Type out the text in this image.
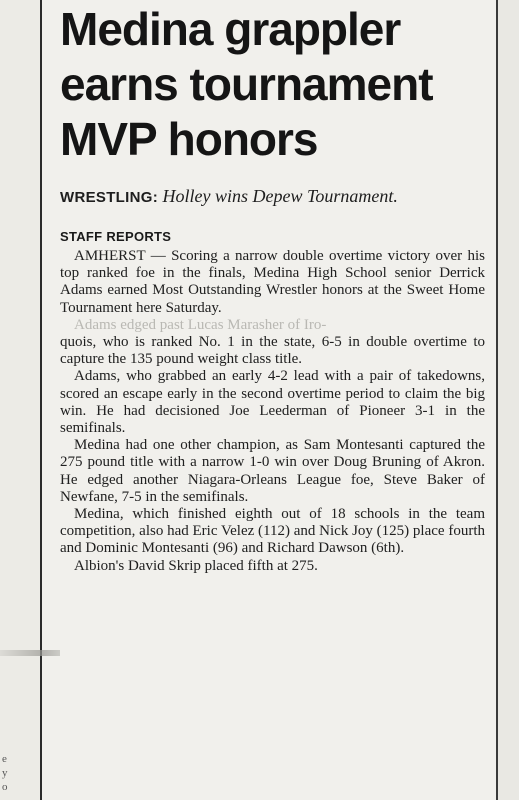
e
y
o
Medina grappler earns tournament MVP honors
WRESTLING: Holley wins Depew Tournament.
STAFF REPORTS

AMHERST — Scoring a narrow double overtime victory over his top ranked foe in the finals, Medina High School senior Derrick Adams earned Most Outstanding Wrestler honors at the Sweet Home Tournament here Saturday.

Adams edged past Lucas Marasher of Iro-

quois, who is ranked No. 1 in the state, 6-5 in double overtime to capture the 135 pound weight class title.

Adams, who grabbed an early 4-2 lead with a pair of takedowns, scored an escape early in the second overtime period to claim the big win. He had decisioned Joe Leederman of Pioneer 3-1 in the semifinals.

Medina had one other champion, as Sam Montesanti captured the 275 pound title with a narrow 1-0 win over Doug Bruning of Akron. He edged another Niagara-Orleans League foe, Steve Baker of Newfane, 7-5 in the semifinals.

Medina, which finished eighth out of 18 schools in the team competition, also had Eric Velez (112) and Nick Joy (125) place fourth and Dominic Montesanti (96) and Richard Dawson (6th).

Albion's David Skrip placed fifth at 275.
